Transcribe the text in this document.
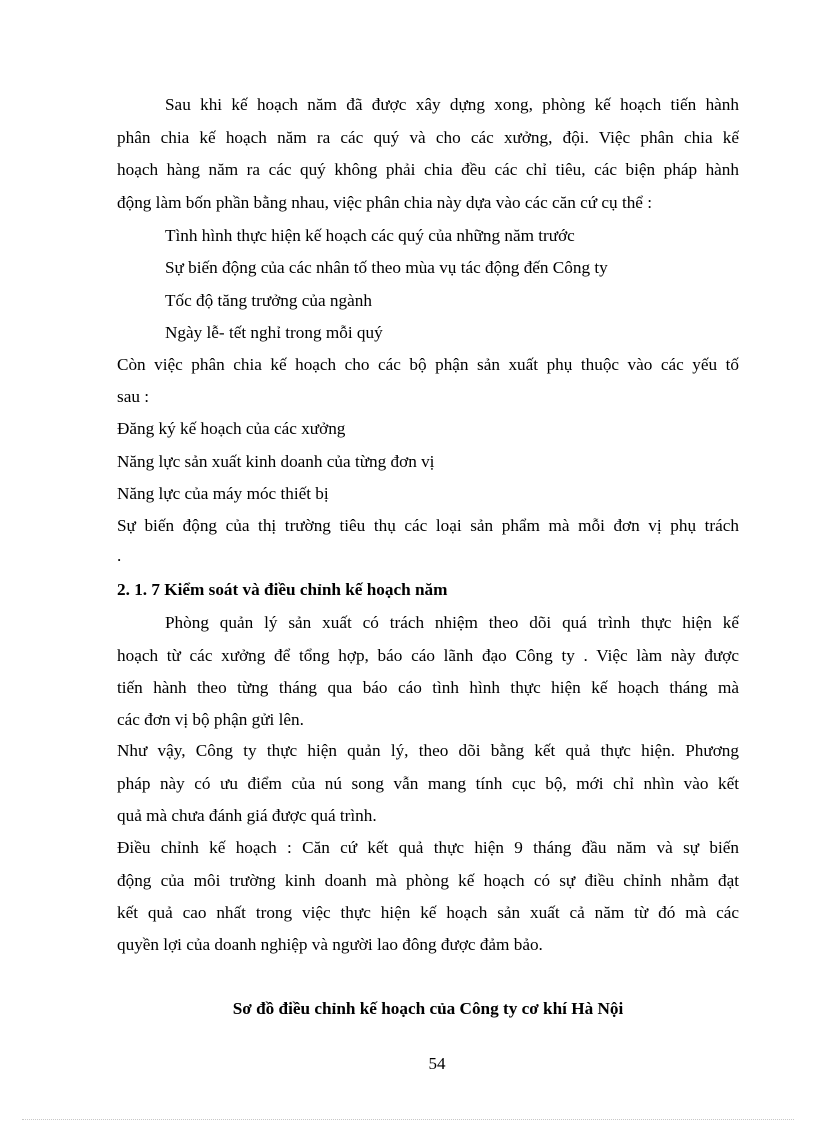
Sau khi kế hoạch năm đã được xây dựng xong, phòng kế hoạch tiến hành
phân chia kế hoạch năm ra các quý và cho các xưởng, đội. Việc phân chia kế
hoạch hàng năm ra các quý không phải chia đều các chỉ tiêu, các biện pháp hành
động làm bốn phần bằng nhau, việc phân chia này dựa vào các căn cứ cụ thể :
Tình hình thực hiện kế hoạch các quý của những năm trước
Sự biến động của các nhân tố theo mùa vụ tác động đến Công ty
Tốc độ tăng trưởng của ngành
Ngày lễ- tết nghỉ trong mỗi quý
Còn việc phân chia kế hoạch cho các bộ phận sản xuất phụ thuộc vào các yếu tố
sau :
Đăng ký kế hoạch của các xưởng
Năng lực sản xuất kinh doanh của từng đơn vị
Năng lực của máy móc thiết bị
Sự biến động của thị trường tiêu thụ các loại sản phẩm mà mỗi đơn vị phụ trách
.
2. 1. 7 Kiểm soát và điều chỉnh kế hoạch năm
Phòng quản lý sản xuất có trách nhiệm theo dõi quá trình thực hiện kế
hoạch từ các xưởng để tổng hợp, báo cáo lãnh đạo Công ty . Việc làm này được
tiến hành theo từng tháng qua báo cáo tình hình thực hiện kế hoạch tháng mà
các đơn vị bộ phận gửi lên.
Như vậy, Công ty thực hiện quản lý, theo dõi bằng kết quả thực hiện. Phương
pháp này có ưu điểm của nú song vẫn mang tính cục bộ, mới chỉ nhìn vào kết
quả mà chưa đánh giá được quá trình.
Điều chỉnh kế hoạch : Căn cứ kết quả thực hiện 9 tháng đầu năm và sự biến
động của môi trường kinh doanh mà phòng kế hoạch có sự điều chỉnh nhằm đạt
kết quả cao nhất trong việc thực hiện kế hoạch sản xuất cả năm từ đó mà các
quyền lợi của doanh nghiệp và người lao đông được đảm bảo.
Sơ đồ điều chỉnh kế hoạch của Công ty cơ khí Hà Nội
54
